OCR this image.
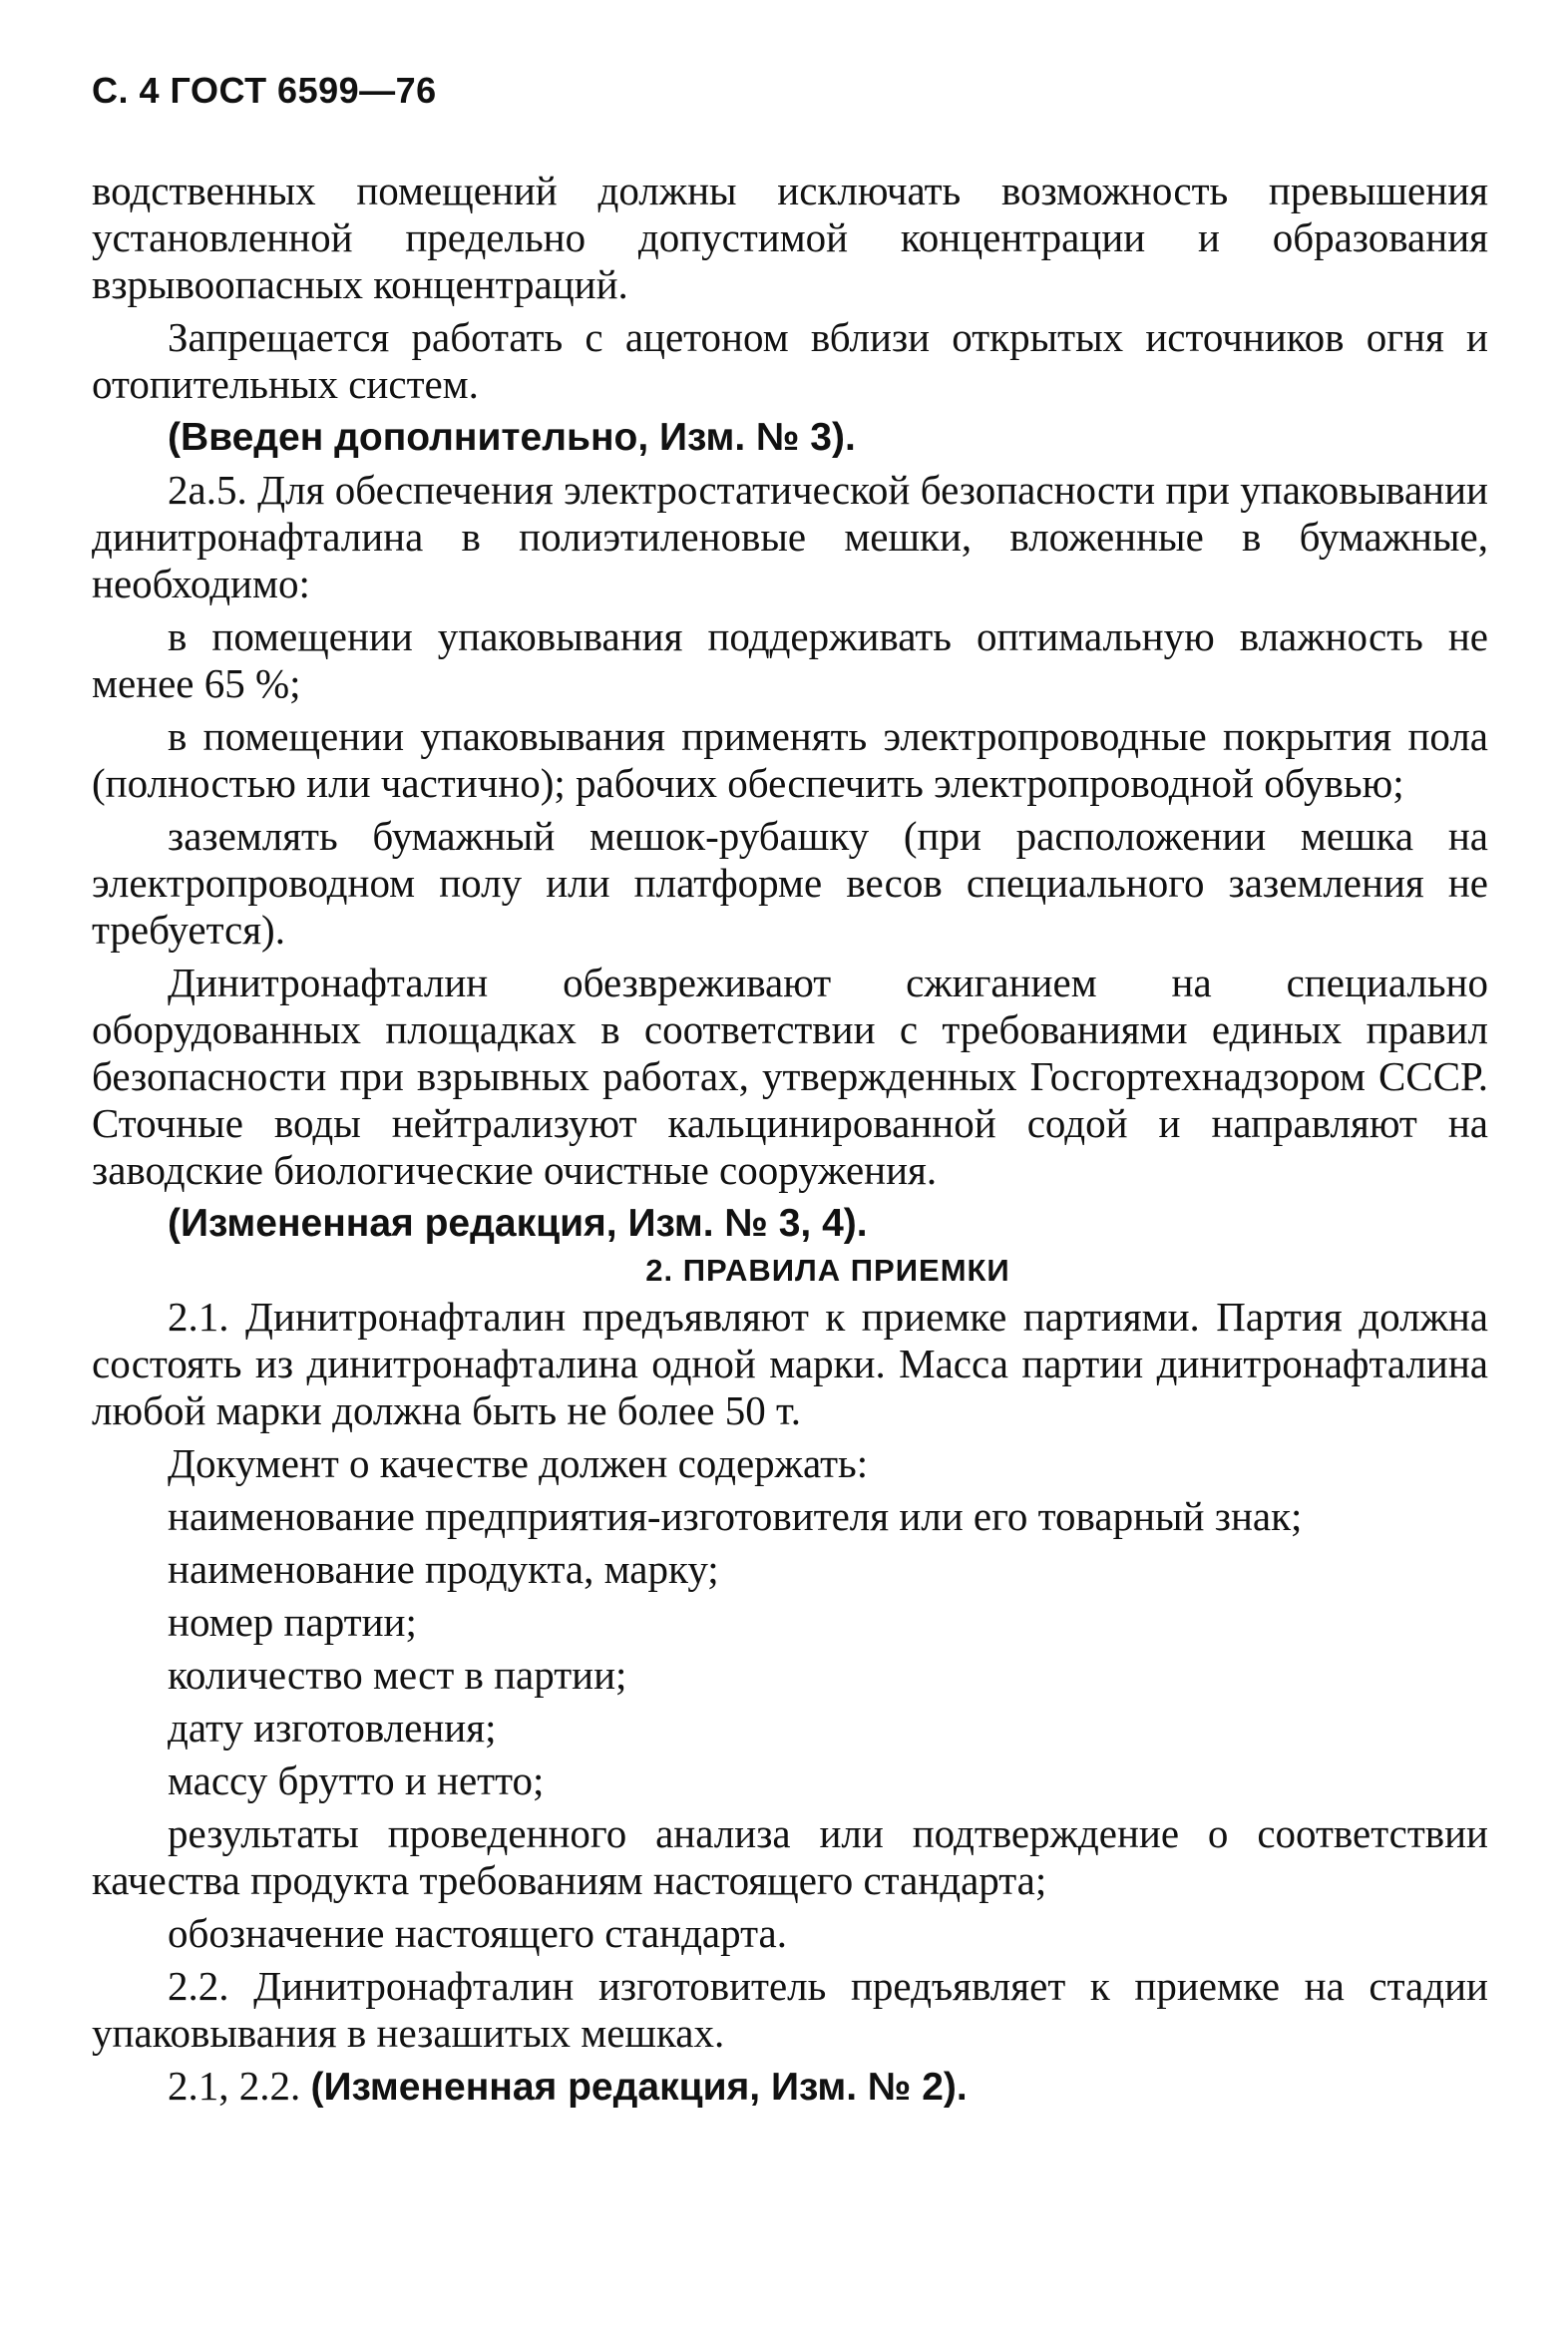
С. 4 ГОСТ 6599—76

водственных помещений должны исключать возможность превышения установленной предельно допустимой концентрации и образования взрывоопасных концентраций.

Запрещается работать с ацетоном вблизи открытых источников огня и отопительных систем.

(Введен дополнительно, Изм. № 3).

2а.5. Для обеспечения электростатической безопасности при упаковывании динитронафталина в полиэтиленовые мешки, вложенные в бумажные, необходимо:

в помещении упаковывания поддерживать оптимальную влажность не менее 65 %;

в помещении упаковывания применять электропроводные покрытия пола (полностью или частично); рабочих обеспечить электропроводной обувью;

заземлять бумажный мешок-рубашку (при расположении мешка на электропроводном полу или платформе весов специального заземления не требуется).

Динитронафталин обезвреживают сжиганием на специально оборудованных площадках в соответствии с требованиями единых правил безопасности при взрывных работах, утвержденных Госгортехнадзором СССР. Сточные воды нейтрализуют кальцинированной содой и направляют на заводские биологические очистные сооружения.

(Измененная редакция, Изм. № 3, 4).

2. ПРАВИЛА ПРИЕМКИ

2.1. Динитронафталин предъявляют к приемке партиями. Партия должна состоять из динитронафталина одной марки. Масса партии динитронафталина любой марки должна быть не более 50 т.

Документ о качестве должен содержать:

наименование предприятия-изготовителя или его товарный знак;

наименование продукта, марку;

номер партии;

количество мест в партии;

дату изготовления;

массу брутто и нетто;

результаты проведенного анализа или подтверждение о соответствии качества продукта требованиям настоящего стандарта;

обозначение настоящего стандарта.

2.2. Динитронафталин изготовитель предъявляет к приемке на стадии упаковывания в незашитых мешках.

2.1, 2.2. (Измененная редакция, Изм. № 2).
